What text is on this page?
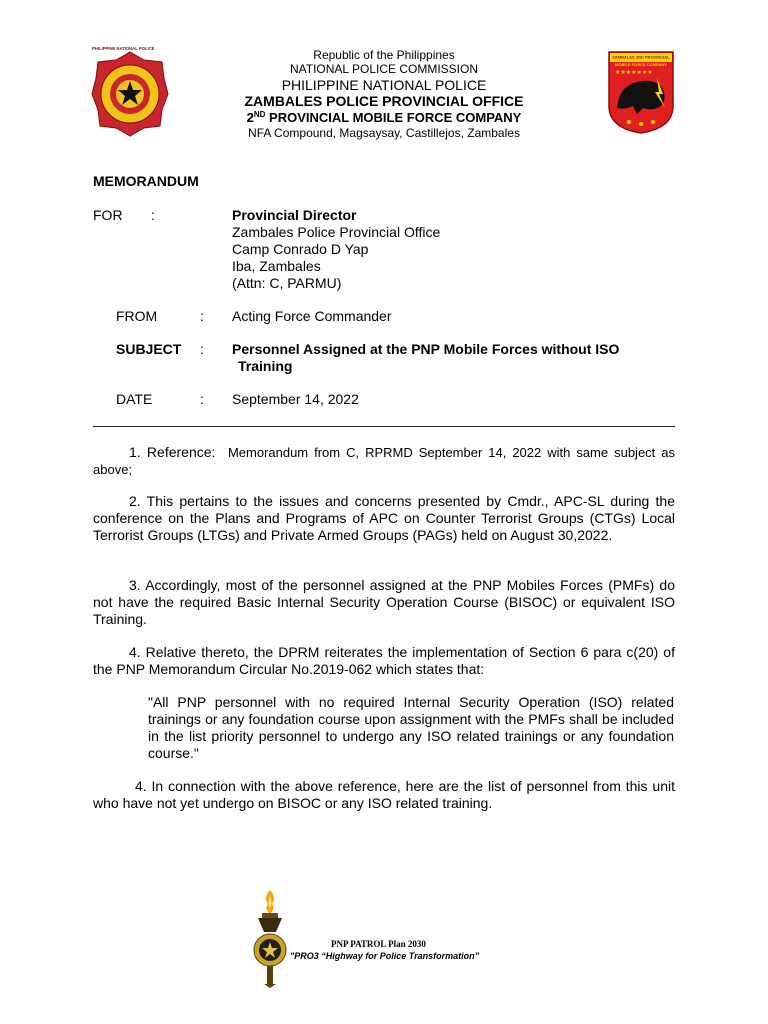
Republic of the Philippines
NATIONAL POLICE COMMISSION
PHILIPPINE NATIONAL POLICE
ZAMBALES POLICE PROVINCIAL OFFICE
2ND PROVINCIAL MOBILE FORCE COMPANY
NFA Compound, Magsaysay, Castillejos, Zambales
PHILIPPINE NATIONAL POLICE
ZAMBALES 2ND PROVINCIAL
MOBILE FORCE COMPANY
★★★★★★★
MEMORANDUM
FOR :	Provincial Director
Zambales Police Provincial Office
Camp Conrado D Yap
Iba, Zambales
(Attn: C, PARMU)
FROM	: Acting Force Commander
SUBJECT : Personnel Assigned at the PNP Mobile Forces without ISO
Training
DATE	: September 14, 2022
1. Reference: Memorandum from C, RPRMD September 14, 2022 with same subject as above;
2. This pertains to the issues and concerns presented by Cmdr., APC-SL during the conference on the Plans and Programs of APC on Counter Terrorist Groups (CTGs) Local Terrorist Groups (LTGs) and Private Armed Groups (PAGs) held on August 30,2022.
3. Accordingly, most of the personnel assigned at the PNP Mobiles Forces (PMFs) do not have the required Basic Internal Security Operation Course (BISOC) or equivalent ISO Training.
4. Relative thereto, the DPRM reiterates the implementation of Section 6 para c(20) of the PNP Memorandum Circular No.2019-062 which states that:
"All PNP personnel with no required Internal Security Operation (ISO) related trainings or any foundation course upon assignment with the PMFs shall be included in the list priority personnel to undergo any ISO related trainings or any foundation course."
4. In connection with the above reference, here are the list of personnel from this unit who have not yet undergo on BISOC or any ISO related training.
PNP PATROL Plan 2030
"PRO3 “Highway for Police Transformation”
